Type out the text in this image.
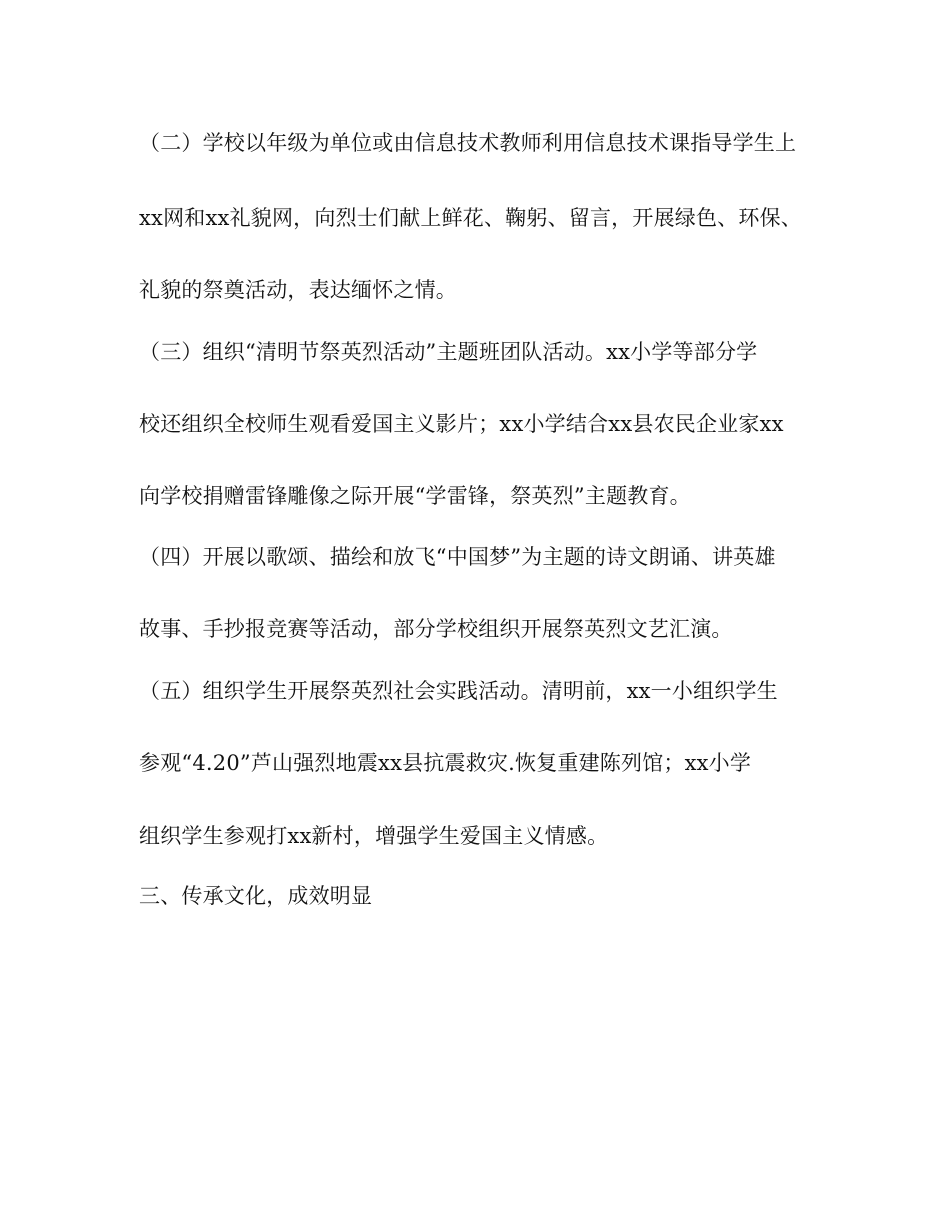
（二）学校以年级为单位或由信息技术教师利用信息技术课指导学生上
xx网和xx礼貌网，向烈士们献上鲜花、鞠躬、留言，开展绿色、环保、
礼貌的祭奠活动，表达缅怀之情。
（三）组织“清明节祭英烈活动”主题班团队活动。xx小学等部分学
校还组织全校师生观看爱国主义影片；xx小学结合xx县农民企业家xx
向学校捐赠雷锋雕像之际开展“学雷锋，祭英烈”主题教育。
（四）开展以歌颂、描绘和放飞“中国梦”为主题的诗文朗诵、讲英雄
故事、手抄报竞赛等活动，部分学校组织开展祭英烈文艺汇演。
（五）组织学生开展祭英烈社会实践活动。清明前，xx一小组织学生
参观“4.20”芦山强烈地震xx县抗震救灾.恢复重建陈列馆；xx小学
组织学生参观打xx新村，增强学生爱国主义情感。
三、传承文化，成效明显
